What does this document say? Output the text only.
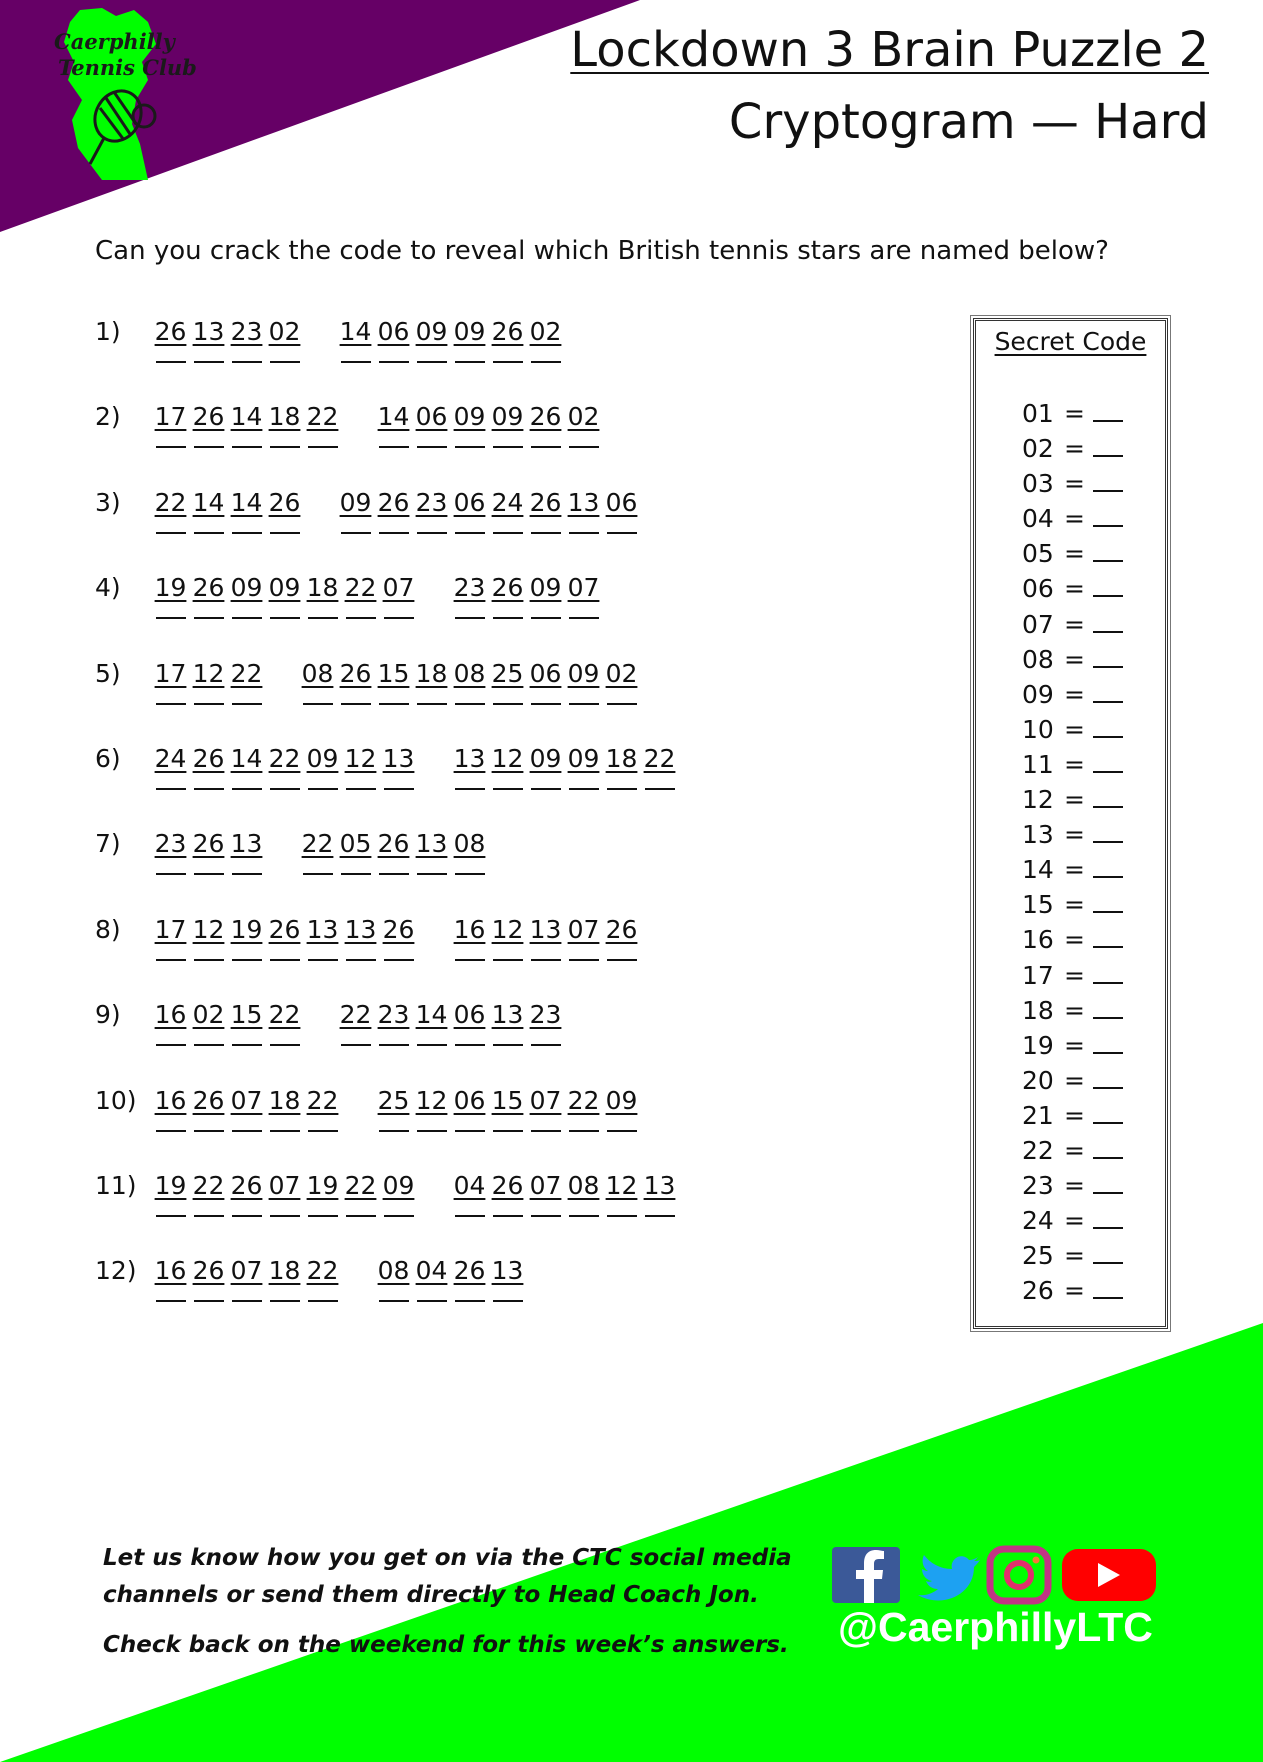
Caerphilly
Tennis Club	Lockdown 3 Brain Puzzle 2
Cryptogram — Hard
Can you crack the code to reveal which British tennis stars are named below?
1) 26 13 23 02 14 06 09 09 26 02
2) 17 26 14 18 22 14 06 09 09 26 02
3) 22 14 14 26 09 26 23 06 24 26 13 06
4) 19 26 09 09 18 22 07 23 26 09 07
5) 17 12 22 08 26 15 18 08 25 06 09 02
6) 24 26 14 22 09 12 13 13 12 09 09 18 22
7) 23 26 13 22 05 26 13 08
8) 17 12 19 26 13 13 26 16 12 13 07 26
9) 16 02 15 22 22 23 14 06 13 23
10) 16 26 07 18 22 25 12 06 15 07 22 09
11) 19 22 26 07 19 22 09 04 26 07 08 12 13
12) 16 26 07 18 22 08 04 26 13
Secret Code
01 =
02 =
03 =
04 =
05 =
06 =
07 =
08 =
09 =
10 =
11 =
12 =
13 =
14 =
15 =
16 =
17 =
18 =
19 =
20 =
21 =
22 =
23 =
24 =
25 =
26 =
Let us know how you get on via the CTC social media
channels or send them directly to Head Coach Jon.
Check back on the weekend for this week’s answers. @CaerphillyLTC
